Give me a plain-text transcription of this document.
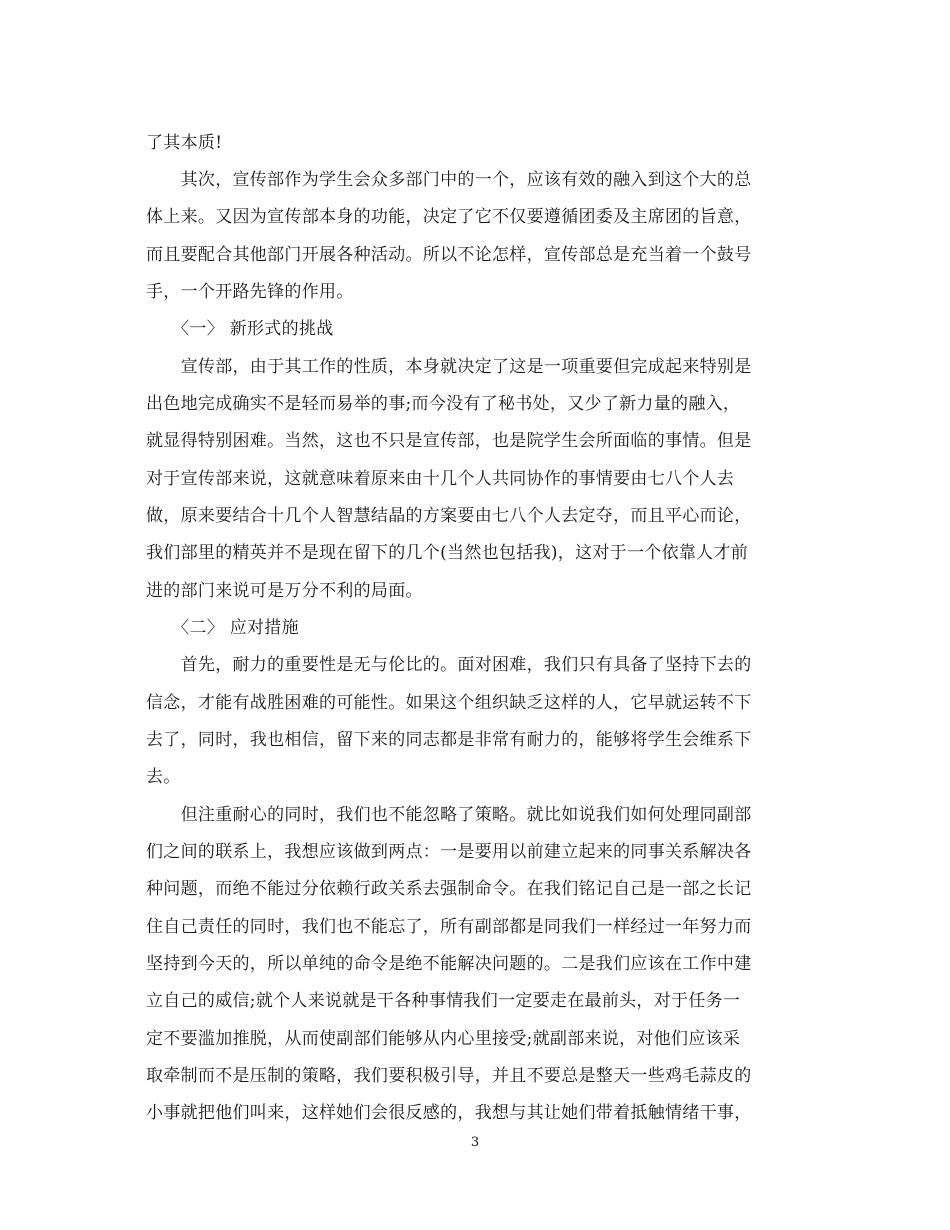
了其本质!
　　其次，宣传部作为学生会众多部门中的一个，应该有效的融入到这个大的总
体上来。又因为宣传部本身的功能，决定了它不仅要遵循团委及主席团的旨意，
而且要配合其他部门开展各种活动。所以不论怎样，宣传部总是充当着一个鼓号
手，一个开路先锋的作用。
　　〈一〉 新形式的挑战
　　宣传部，由于其工作的性质，本身就决定了这是一项重要但完成起来特别是
出色地完成确实不是轻而易举的事;而今没有了秘书处，又少了新力量的融入，
就显得特别困难。当然，这也不只是宣传部，也是院学生会所面临的事情。但是
对于宣传部来说，这就意味着原来由十几个人共同协作的事情要由七八个人去
做，原来要结合十几个人智慧结晶的方案要由七八个人去定夺，而且平心而论，
我们部里的精英并不是现在留下的几个(当然也包括我)，这对于一个依靠人才前
进的部门来说可是万分不利的局面。
　　〈二〉 应对措施
　　首先，耐力的重要性是无与伦比的。面对困难，我们只有具备了坚持下去的
信念，才能有战胜困难的可能性。如果这个组织缺乏这样的人，它早就运转不下
去了，同时，我也相信，留下来的同志都是非常有耐力的，能够将学生会维系下
去。
　　但注重耐心的同时，我们也不能忽略了策略。就比如说我们如何处理同副部
们之间的联系上，我想应该做到两点：一是要用以前建立起来的同事关系解决各
种问题，而绝不能过分依赖行政关系去强制命令。在我们铭记自己是一部之长记
住自己责任的同时，我们也不能忘了，所有副部都是同我们一样经过一年努力而
坚持到今天的，所以单纯的命令是绝不能解决问题的。二是我们应该在工作中建
立自己的威信;就个人来说就是干各种事情我们一定要走在最前头，对于任务一
定不要滥加推脱，从而使副部们能够从内心里接受;就副部来说，对他们应该采
取牵制而不是压制的策略，我们要积极引导，并且不要总是整天一些鸡毛蒜皮的
小事就把他们叫来，这样她们会很反感的，我想与其让她们带着抵触情绪干事，
3
